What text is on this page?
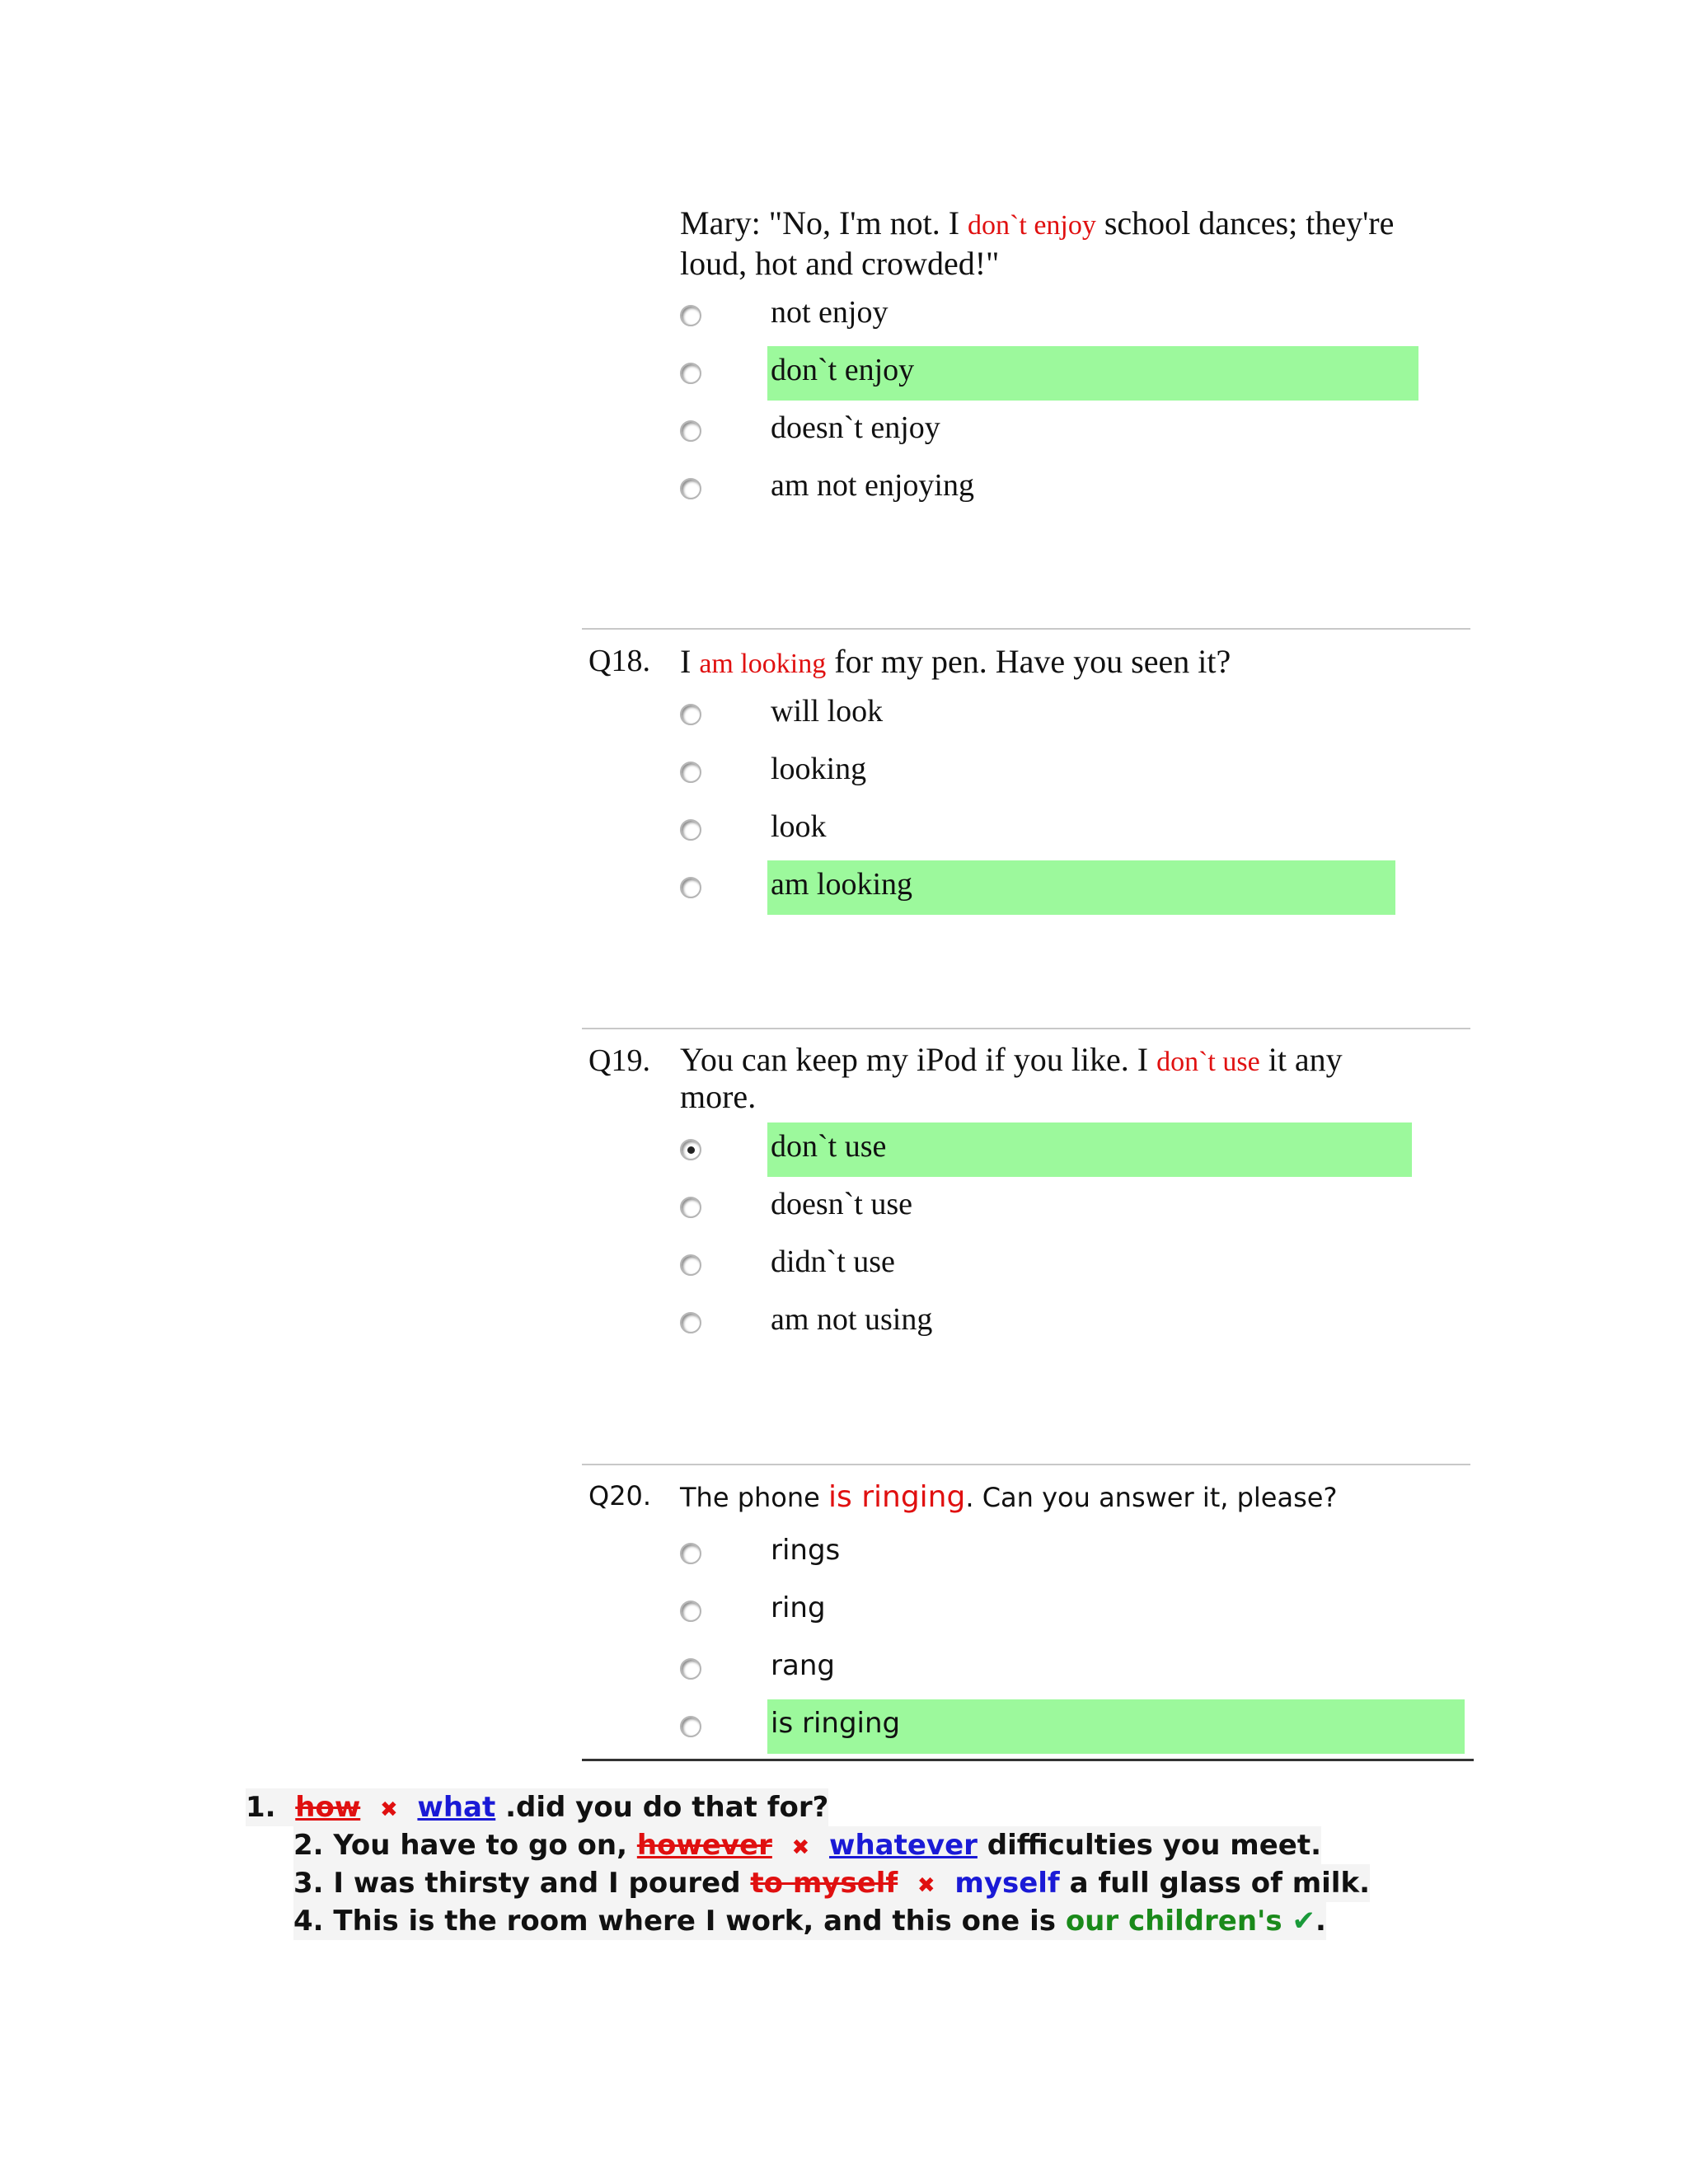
Mary: "No, I'm not. I don`t enjoy school dances; they're
loud, hot and crowded!"
not enjoy
don`t enjoy
doesn`t enjoy
am not enjoying
Q18. I am looking for my pen. Have you seen it?
will look
looking
look
am looking
Q19. You can keep my iPod if you like. I don`t use it any
more.
don`t use
doesn`t use
didn`t use
am not using
Q20. The phone is ringing. Can you answer it, please?
rings
ring
rang
is ringing
1. how ✖ what .did you do that for?
2. You have to go on, however ✖ whatever difficulties you meet.
3. I was thirsty and I poured to myself ✖ myself a full glass of milk.
4. This is the room where I work, and this one is our children's ✔.
